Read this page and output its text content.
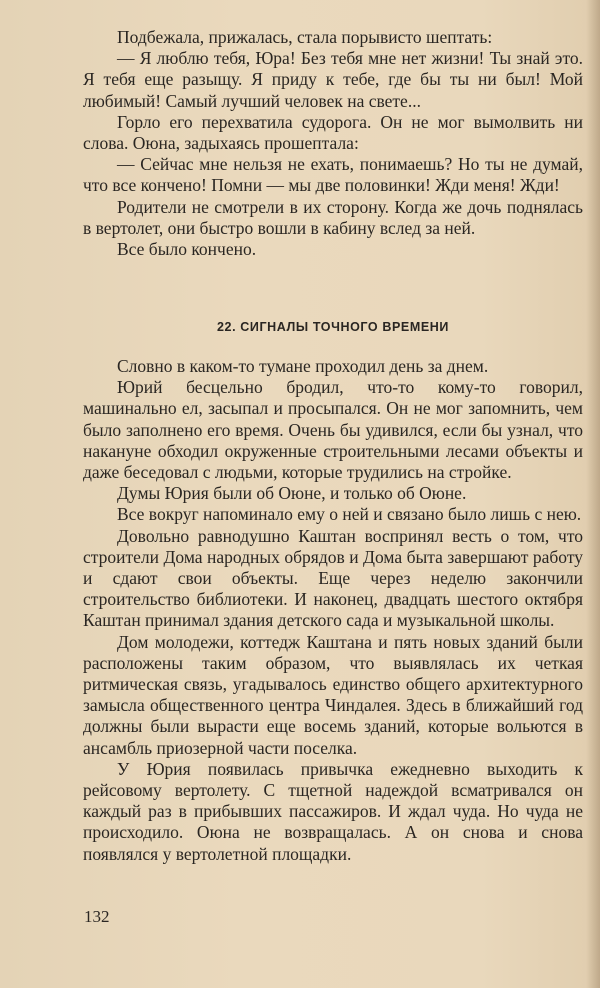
Подбежала, прижалась, стала порывисто шептать:

— Я люблю тебя, Юра! Без тебя мне нет жизни! Ты знай это. Я тебя еще разыщу. Я приду к тебе, где бы ты ни был! Мой любимый! Самый лучший человек на свете...

Горло его перехватила судорога. Он не мог вымолвить ни слова. Оюна, задыхаясь прошептала:

— Сейчас мне нельзя не ехать, понимаешь? Но ты не думай, что все кончено! Помни — мы две половинки! Жди меня! Жди!

Родители не смотрели в их сторону. Когда же дочь поднялась в вертолет, они быстро вошли в кабину вслед за ней.

Все было кончено.

22. СИГНАЛЫ ТОЧНОГО ВРЕМЕНИ

Словно в каком-то тумане проходил день за днем.

Юрий бесцельно бродил, что-то кому-то говорил, машинально ел, засыпал и просыпался. Он не мог запомнить, чем было заполнено его время. Очень бы удивился, если бы узнал, что накануне обходил окруженные строительными лесами объекты и даже беседовал с людьми, которые трудились на стройке.

Думы Юрия были об Оюне, и только об Оюне.

Все вокруг напоминало ему о ней и связано было лишь с нею.

Довольно равнодушно Каштан воспринял весть о том, что строители Дома народных обрядов и Дома быта завершают работу и сдают свои объекты. Еще через неделю закончили строительство библиотеки. И наконец, двадцать шестого октября Каштан принимал здания детского сада и музыкальной школы.

Дом молодежи, коттедж Каштана и пять новых зданий были расположены таким образом, что выявлялась их четкая ритмическая связь, угадывалось единство общего архитектурного замысла общественного центра Чиндалея. Здесь в ближайший год должны были вырасти еще восемь зданий, которые вольются в ансамбль приозерной части поселка.

У Юрия появилась привычка ежедневно выходить к рейсовому вертолету. С тщетной надеждой всматривался он каждый раз в прибывших пассажиров. И ждал чуда. Но чуда не происходило. Оюна не возвращалась. А он снова и снова появлялся у вертолетной площадки.

132
